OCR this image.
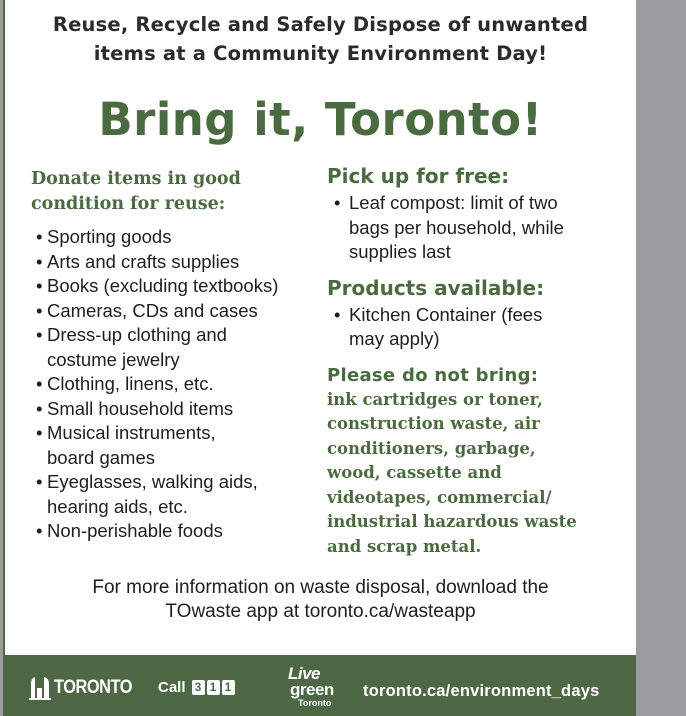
Reuse, Recycle and Safely Dispose of unwanted
items at a Community Environment Day!
Bring it, Toronto!
Donate items in good
condition for reuse:
• Sporting goods
• Arts and crafts supplies
• Books (excluding textbooks)
• Cameras, CDs and cases
• Dress-up clothing and
costume jewelry
• Clothing, linens, etc.
• Small household items
• Musical instruments,
board games
• Eyeglasses, walking aids,
hearing aids, etc.
• Non-perishable foods
Pick up for free:
• Leaf compost: limit of two
bags per household, while
supplies last
Products available:
• Kitchen Container (fees
may apply)
Please do not bring:
ink cartridges or toner,
construction waste, air
conditioners, garbage,
wood, cassette and
videotapes, commercial/
industrial hazardous waste
and scrap metal.
For more information on waste disposal, download the
TOwaste app at toronto.ca/wasteapp
TORONTO Call 3 1 1
Live
green
Toronto
toronto.ca/environment_days
